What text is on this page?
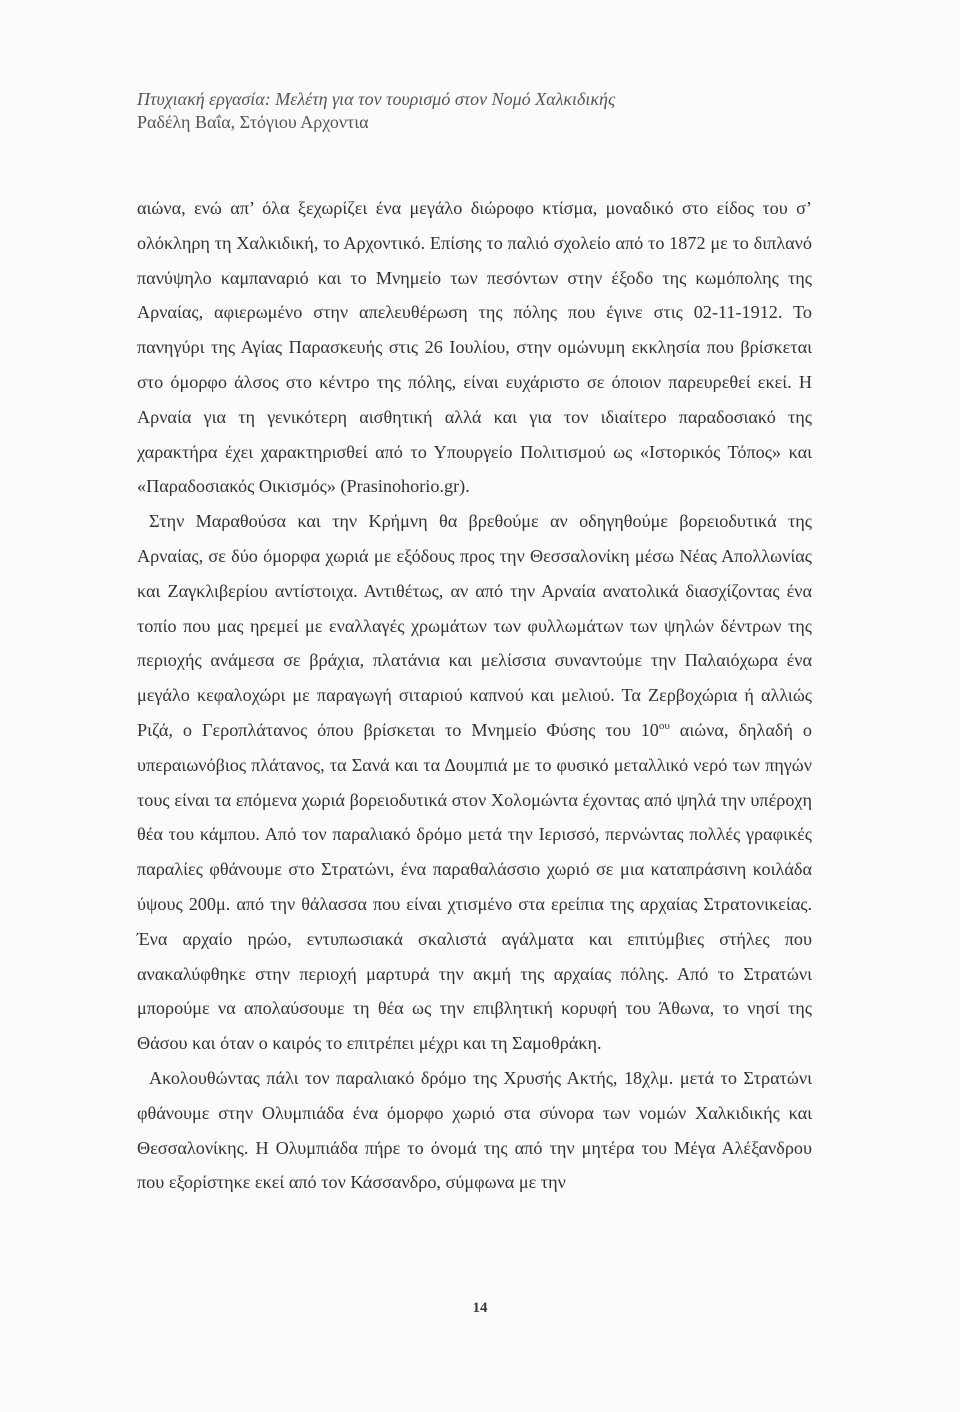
Πτυχιακή εργασία: Μελέτη για τον τουρισμό στον Νομό Χαλκιδικής
Ραδέλη Βαΐα, Στόγιου Αρχοντια

αιώνα, ενώ απ’ όλα ξεχωρίζει ένα μεγάλο διώροφο κτίσμα, μοναδικό στο είδος του σ’ ολόκληρη τη Χαλκιδική, το Αρχοντικό. Επίσης το παλιό σχολείο από το 1872 με το διπλανό πανύψηλο καμπαναριό και το Μνημείο των πεσόντων στην έξοδο της κωμόπολης της Αρναίας, αφιερωμένο στην απελευθέρωση της πόλης που έγινε στις 02-11-1912. Το πανηγύρι της Αγίας Παρασκευής στις 26 Ιουλίου, στην ομώνυμη εκκλησία που βρίσκεται στο όμορφο άλσος στο κέντρο της πόλης, είναι ευχάριστο σε όποιον παρευρεθεί εκεί. Η Αρναία για τη γενικότερη αισθητική αλλά και για τον ιδιαίτερο παραδοσιακό της χαρακτήρα έχει χαρακτηρισθεί από το Υπουργείο Πολιτισμού ως «Ιστορικός Τόπος» και «Παραδοσιακός Οικισμός» (Prasinohorio.gr).

Στην Μαραθούσα και την Κρήμνη θα βρεθούμε αν οδηγηθούμε βορειοδυτικά της Αρναίας, σε δύο όμορφα χωριά με εξόδους προς την Θεσσαλονίκη μέσω Νέας Απολλωνίας και Ζαγκλιβερίου αντίστοιχα. Αντιθέτως, αν από την Αρναία ανατολικά διασχίζοντας ένα τοπίο που μας ηρεμεί με εναλλαγές χρωμάτων των φυλλωμάτων των ψηλών δέντρων της περιοχής ανάμεσα σε βράχια, πλατάνια και μελίσσια συναντούμε την Παλαιόχωρα ένα μεγάλο κεφαλοχώρι με παραγωγή σιταριού καπνού και μελιού. Τα Ζερβοχώρια ή αλλιώς Ριζά, ο Γεροπλάτανος όπου βρίσκεται το Μνημείο Φύσης του $10^{o\upsilon}$ αιώνα, δηλαδή ο υπεραιωνόβιος πλάτανος, τα Σανά και τα Δουμπιά με το φυσικό μεταλλικό νερό των πηγών τους είναι τα επόμενα χωριά βορειοδυτικά στον Χολομώντα έχοντας από ψηλά την υπέροχη θέα του κάμπου. Από τον παραλιακό δρόμο μετά την Ιερισσό, περνώντας πολλές γραφικές παραλίες φθάνουμε στο Στρατώνι, ένα παραθαλάσσιο χωριό σε μια καταπράσινη κοιλάδα ύψους 200μ. από την θάλασσα που είναι χτισμένο στα ερείπια της αρχαίας Στρατονικείας. Ένα αρχαίο ηρώο, εντυπωσιακά σκαλιστά αγάλματα και επιτύμβιες στήλες που ανακαλύφθηκε στην περιοχή μαρτυρά την ακμή της αρχαίας πόλης. Από το Στρατώνι μπορούμε να απολαύσουμε τη θέα ως την επιβλητική κορυφή του Άθωνα, το νησί της Θάσου και όταν ο καιρός το επιτρέπει μέχρι και τη Σαμοθράκη.

Ακολουθώντας πάλι τον παραλιακό δρόμο της Χρυσής Ακτής, 18χλμ. μετά το Στρατώνι φθάνουμε στην Ολυμπιάδα ένα όμορφο χωριό στα σύνορα των νομών Χαλκιδικής και Θεσσαλονίκης. Η Ολυμπιάδα πήρε το όνομά της από την μητέρα του Μέγα Αλέξανδρου που εξορίστηκε εκεί από τον Κάσσανδρο, σύμφωνα με την

14
